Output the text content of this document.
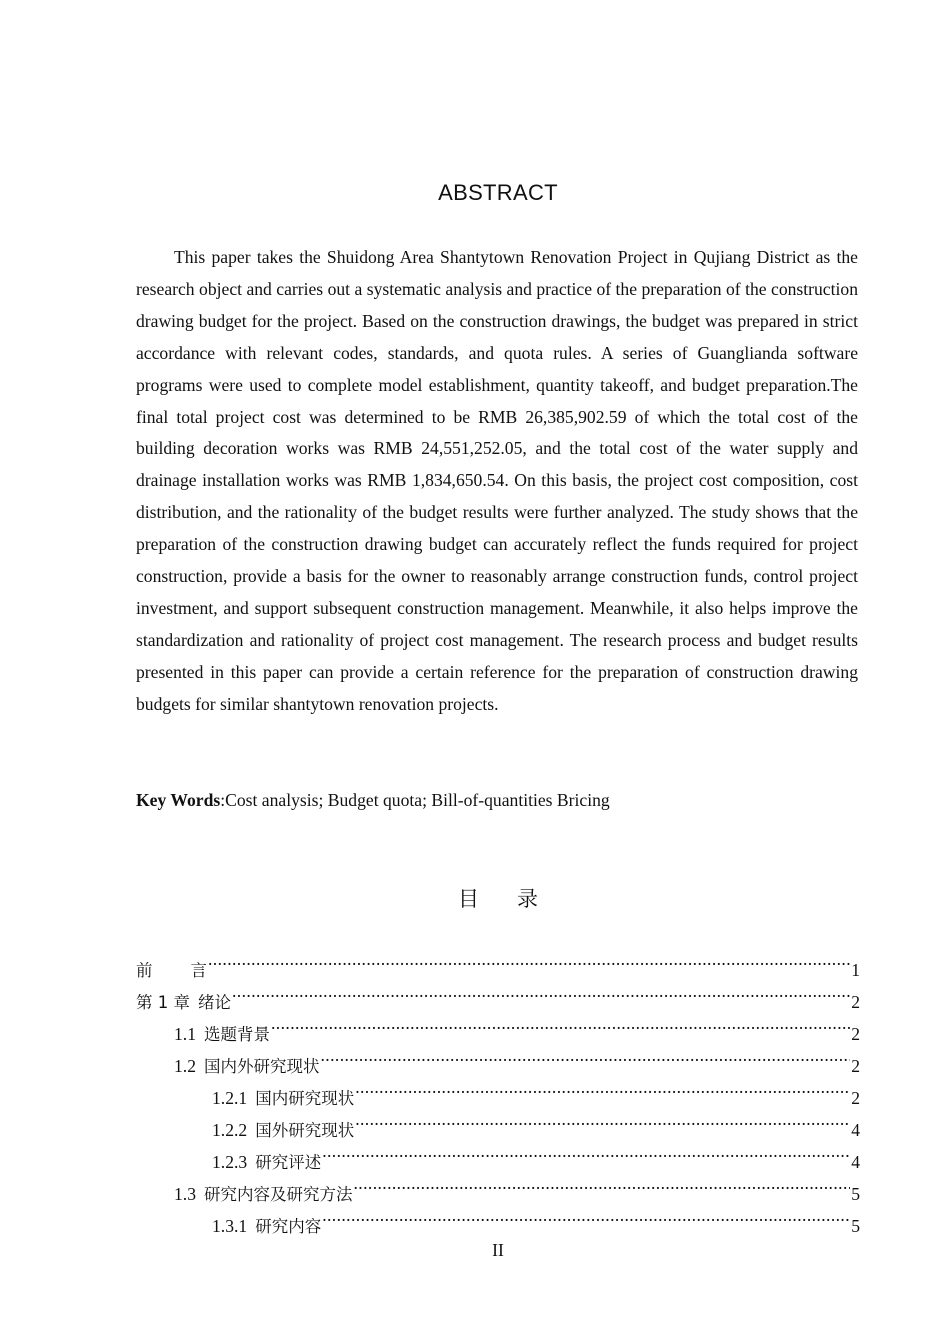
ABSTRACT

This paper takes the Shuidong Area Shantytown Renovation Project in Qujiang District as the research object and carries out a systematic analysis and practice of the preparation of the construction drawing budget for the project. Based on the construction drawings, the budget was prepared in strict accordance with relevant codes, standards, and quota rules. A series of Guanglianda software programs were used to complete model establishment, quantity takeoff, and budget preparation.The final total project cost was determined to be RMB 26,385,902.59 of which the total cost of the building decoration works was RMB 24,551,252.05, and the total cost of the water supply and drainage installation works was RMB 1,834,650.54. On this basis, the project cost composition, cost distribution, and the rationality of the budget results were further analyzed. The study shows that the preparation of the construction drawing budget can accurately reflect the funds required for project construction, provide a basis for the owner to reasonably arrange construction funds, control project investment, and support subsequent construction management. Meanwhile, it also helps improve the standardization and rationality of project cost management. The research process and budget results presented in this paper can provide a certain reference for the preparation of construction drawing budgets for similar shantytown renovation projects.

Key Words:Cost analysis; Budget quota; Bill-of-quantities Bricing

目 录
前 言 .....	1
第 1 章 绪论 .....	2
1.1 选题背景 .....	2
1.2 国内外研究现状 .....	2
1.2.1 国内研究现状 .....	2
1.2.2 国外研究现状 .....	4
1.2.3 研究评述 .....	4
1.3 研究内容及研究方法 .....	5
1.3.1 研究内容 .....	5

II
